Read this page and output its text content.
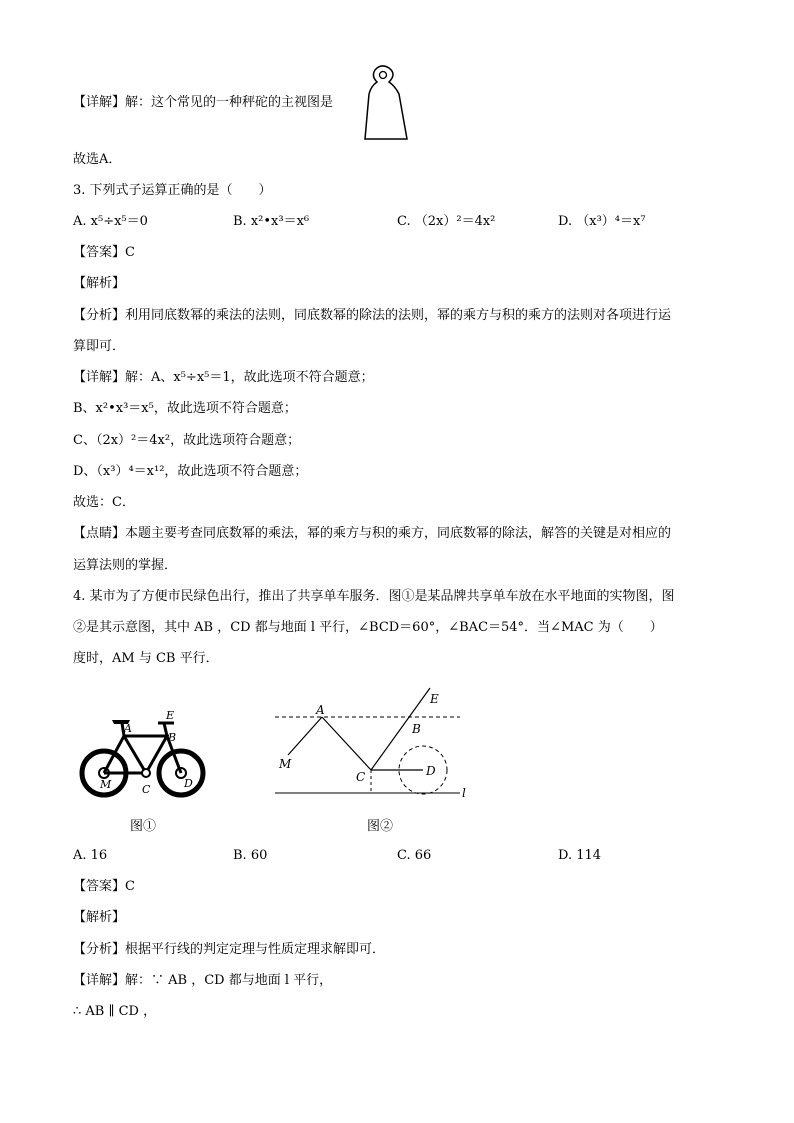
【详解】解：这个常见的一种秤砣的主视图是
故选A．
3. 下列式子运算正确的是（　　）
A. x⁵÷x⁵＝0	B. x²•x³＝x⁶	C. （2x）²＝4x²	D. （x³）⁴＝x⁷
【答案】C
【解析】
【分析】利用同底数幂的乘法的法则，同底数幂的除法的法则，幂的乘方与积的乘方的法则对各项进行运
算即可．
【详解】解：A、x⁵÷x⁵＝1，故此选项不符合题意；
B、x²•x³＝x⁵，故此选项不符合题意；
C、（2x）²＝4x²，故此选项符合题意；
D、（x³）⁴＝x¹²，故此选项不符合题意；
故选：C．
【点睛】本题主要考查同底数幂的乘法，幂的乘方与积的乘方，同底数幂的除法，解答的关键是对相应的
运算法则的掌握．
4. 某市为了方便市民绿色出行，推出了共享单车服务．图①是某品牌共享单车放在水平地面的实物图，图
②是其示意图，其中 AB ，CD 都与地面 l 平行，∠BCD＝60°，∠BAC＝54°．当∠MAC 为（　　）
度时，AM 与 CB 平行．
A
E
B
M	C	D
图①
A
E
B
M
C	D
l
图②
A. 16	B. 60	C. 66	D. 114
【答案】C
【解析】
【分析】根据平行线的判定定理与性质定理求解即可．
【详解】解：∵ AB ，CD 都与地面 l 平行，
∴ AB ∥ CD ，
